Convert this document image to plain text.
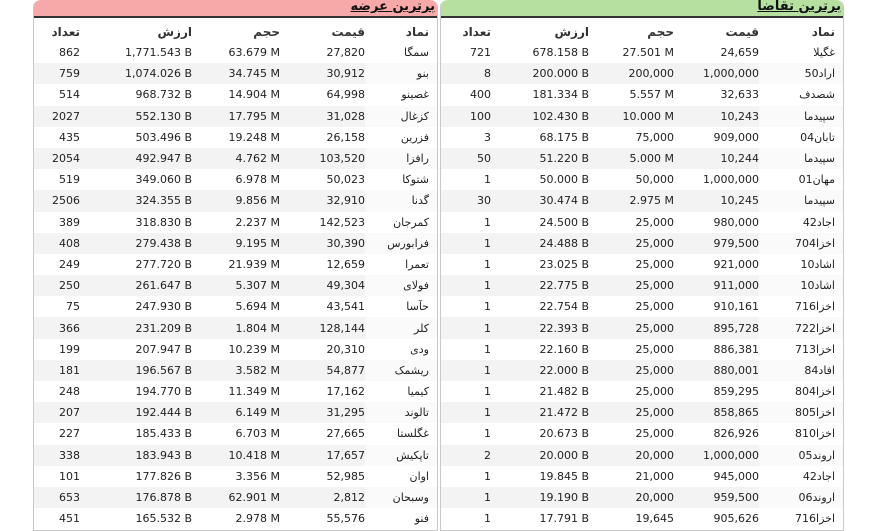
برترین عرضه
تعداد	ارزش	حجم	قیمت	نماد
862	1,771.543 B	63.679 M	27,820	سمگا
759	1,074.026 B	34.745 M	30,912	بنو
514	968.732 B	14.904 M	64,998	غصینو
2027	552.130 B	17.795 M	31,028	کزغال
435	503.496 B	19.248 M	26,158	فزرین
2054	492.947 B	4.762 M	103,520	رافزا
519	349.060 B	6.978 M	50,023	شتوکا
2506	324.355 B	9.856 M	32,910	گدنا
389	318.830 B	2.237 M	142,523	کمرجان
408	279.438 B	9.195 M	30,390	فرابورس
249	277.720 B	21.939 M	12,659	تعمرا
250	261.647 B	5.307 M	49,304	فولای
75	247.930 B	5.694 M	43,541	حآسا
366	231.209 B	1.804 M	128,144	کلر
199	207.947 B	10.239 M	20,310	ودی
181	196.567 B	3.582 M	54,877	ریشمک
248	194.770 B	11.349 M	17,162	کیمیا
207	192.444 B	6.149 M	31,295	تالوند
227	185.433 B	6.703 M	27,665	غگلستا
338	183.943 B	10.418 M	17,657	تاپکیش
101	177.826 B	3.356 M	52,985	اوان
653	176.878 B	62.901 M	2,812	وسبحان
451	165.532 B	2.978 M	55,576	فنو
برترین تقاضا
تعداد	ارزش	حجم	قیمت	نماد
721	678.158 B	27.501 M	24,659	غگیلا
8	200.000 B	200,000	1,000,000	اراد50
400	181.334 B	5.557 M	32,633	شصدف
100	102.430 B	10.000 M	10,243	سپیدما
3	68.175 B	75,000	909,000	تابان04
50	51.220 B	5.000 M	10,244	سپیدما
1	50.000 B	50,000	1,000,000	مهان01
30	30.474 B	2.975 M	10,245	سپیدما
1	24.500 B	25,000	980,000	اجاد42
1	24.488 B	25,000	979,500	اخزا704
1	23.025 B	25,000	921,000	اشاد10
1	22.775 B	25,000	911,000	اشاد10
1	22.754 B	25,000	910,161	اخزا716
1	22.393 B	25,000	895,728	اخزا722
1	22.160 B	25,000	886,381	اخزا713
1	22.000 B	25,000	880,001	افاد84
1	21.482 B	25,000	859,295	اخزا804
1	21.472 B	25,000	858,865	اخزا805
1	20.673 B	25,000	826,926	اخزا810
2	20.000 B	20,000	1,000,000	اروند05
1	19.845 B	21,000	945,000	اجاد42
1	19.190 B	20,000	959,500	اروند06
1	17.791 B	19,645	905,626	اخزا716
